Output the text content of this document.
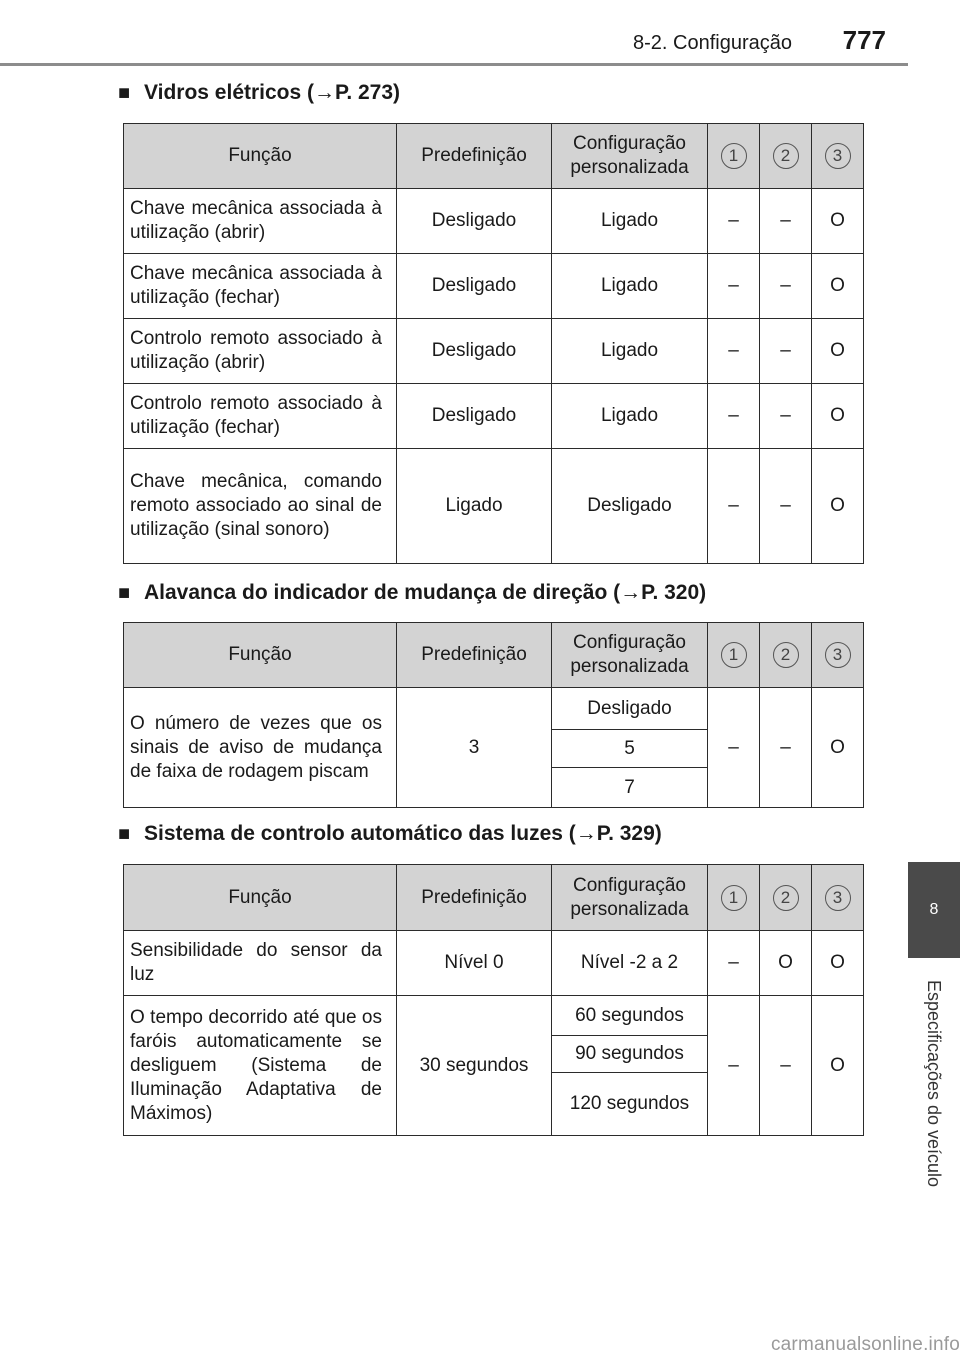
8-2. Configuração	777
8
Especificações do veículo
■ Vidros elétricos (→P. 273)
Função	Predefinição	Configuração personalizada	1	2	3
Chave mecânica associada à utilização (abrir)	Desligado	Ligado	–	–	O
Chave mecânica associada à utilização (fechar)	Desligado	Ligado	–	–	O
Controlo remoto associado à utilização (abrir)	Desligado	Ligado	–	–	O
Controlo remoto associado à utilização (fechar)	Desligado	Ligado	–	–	O
Chave mecânica, comando remoto associado ao sinal de utilização (sinal sonoro)	Ligado	Desligado	–	–	O
■ Alavanca do indicador de mudança de direção (→P. 320)
Função	Predefinição	Configuração personalizada	1	2	3
O número de vezes que os sinais de aviso de mudança de faixa de rodagem piscam	3	Desligado	–	–	O
		5			
		7			
■ Sistema de controlo automático das luzes (→P. 329)
Função	Predefinição	Configuração personalizada	1	2	3
Sensibilidade do sensor da luz	Nível 0	Nível -2 a 2	–	O	O
O tempo decorrido até que os faróis automaticamente se desliguem (Sistema de Iluminação Adaptativa de Máximos)	30 segundos	60 segundos	–	–	O
		90 segundos			
		120 segundos			
carmanualsonline.info
